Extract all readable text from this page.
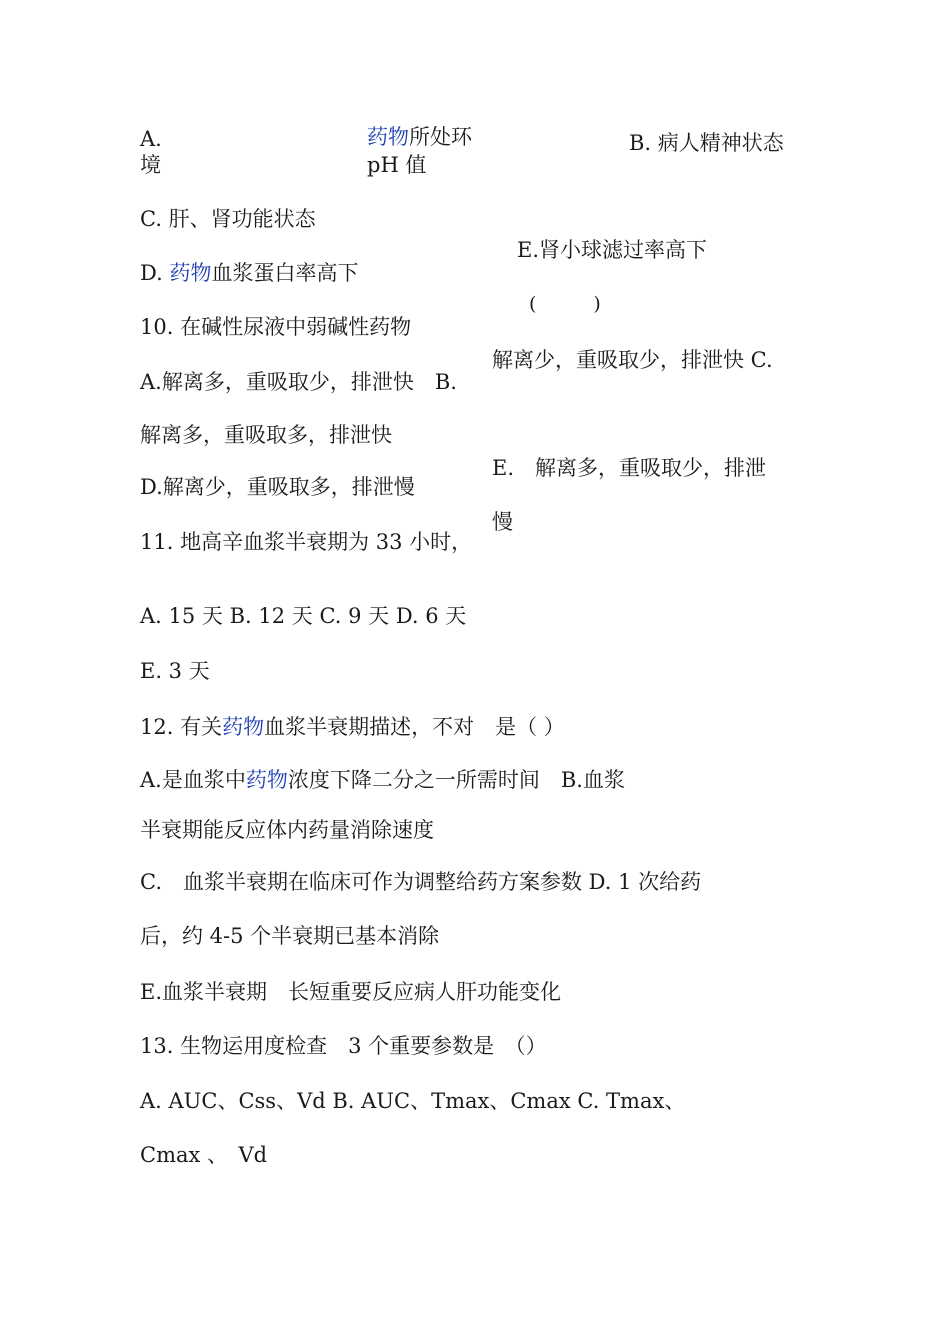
A.
境
药物所处环
pH 值
B. 病人精神状态
C. 肝、肾功能状态
E.肾小球滤过率高下
D. 药物血浆蛋白率高下
(　　　)
10. 在碱性尿液中弱碱性药物
解离少，重吸取少，排泄快 C.
A.解离多，重吸取少，排泄快　B.
解离多，重吸取多，排泄快
E.　解离多，重吸取少，排泄
D.解离少，重吸取多，排泄慢
慢
11. 地高辛血浆半衰期为 33 小时，
A. 15 天 B. 12 天 C. 9 天 D. 6 天
E. 3 天
12. 有关药物血浆半衰期描述，不对　是（ ）
A.是血浆中药物浓度下降二分之一所需时间　B.血浆
半衰期能反应体内药量消除速度
C.　血浆半衰期在临床可作为调整给药方案参数 D. 1 次给药
后，约 4-5 个半衰期已基本消除
E.血浆半衰期　长短重要反应病人肝功能变化
13. 生物运用度检查　3 个重要参数是　（）
A. AUC、Css、Vd B. AUC、Tmax、Cmax C. Tmax、
Cmax 、　Vd
